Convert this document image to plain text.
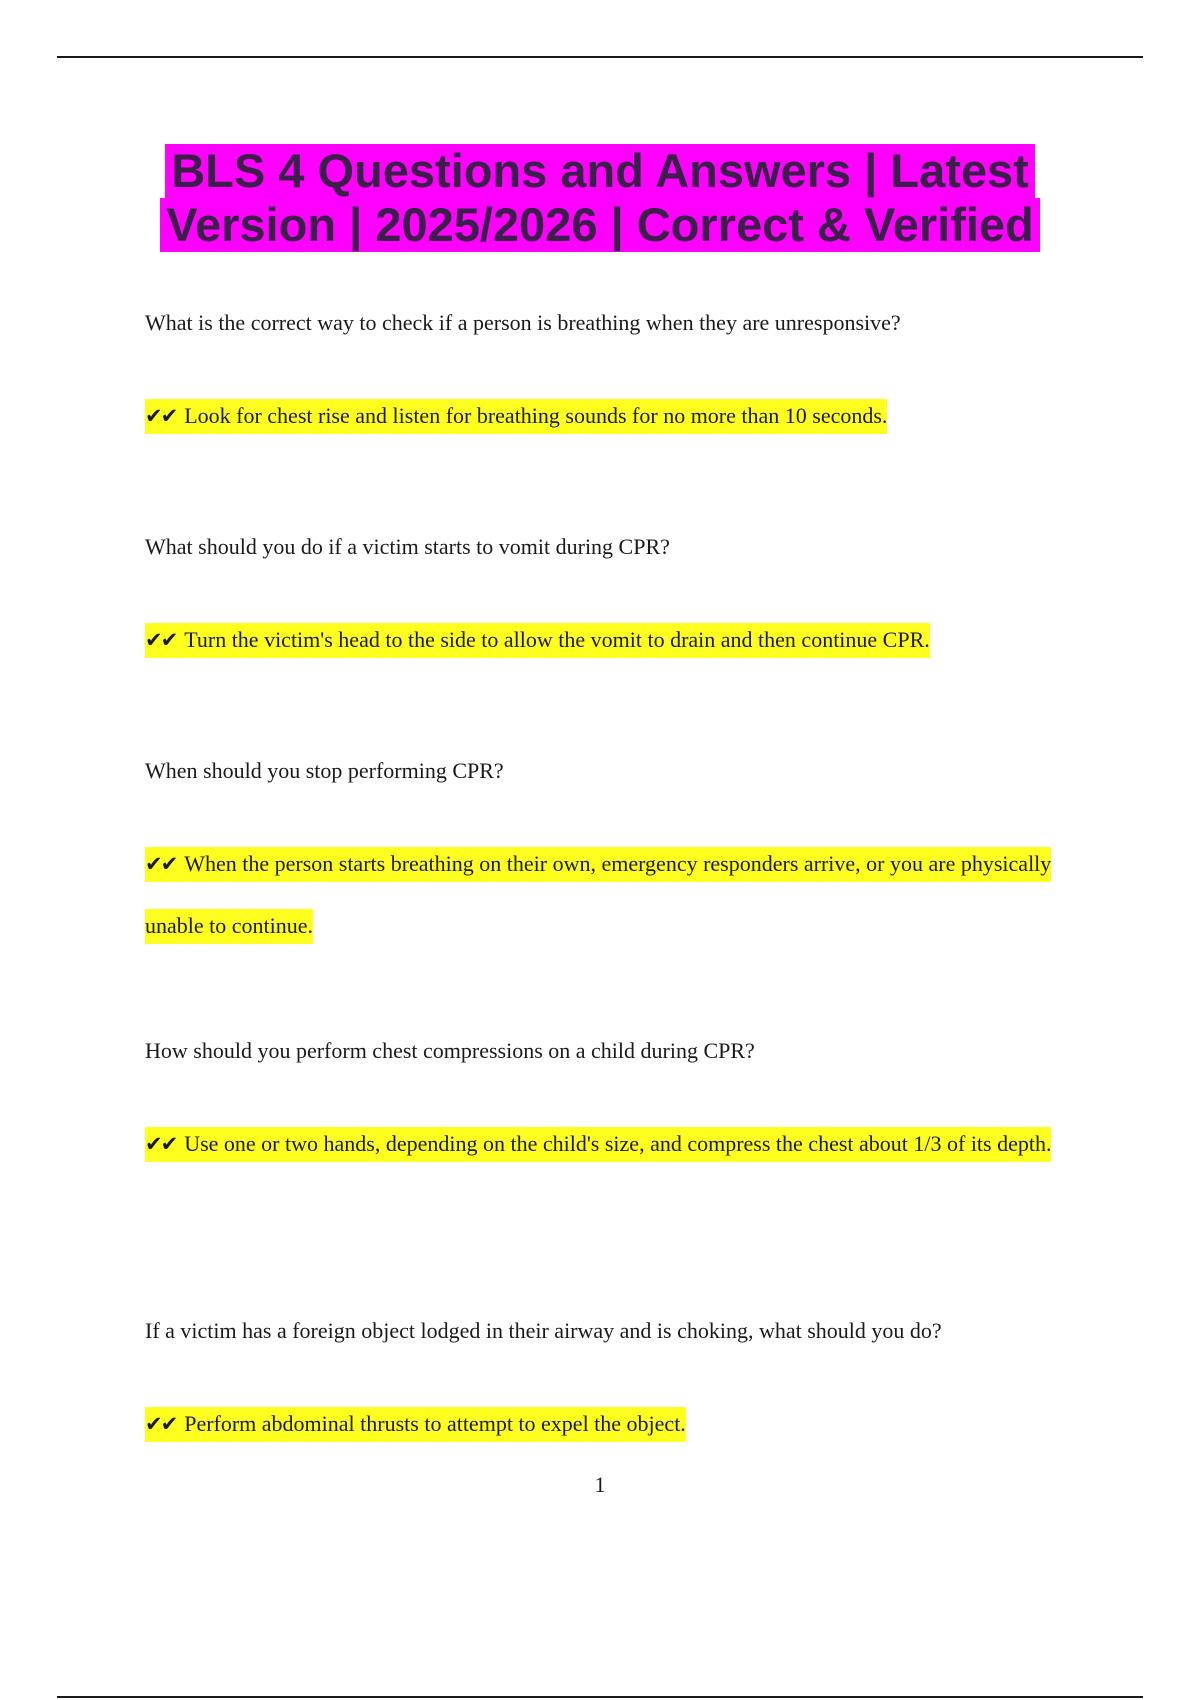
BLS 4 Questions and Answers | Latest
Version | 2025/2026 | Correct & Verified

What is the correct way to check if a person is breathing when they are unresponsive?

✔✔ Look for chest rise and listen for breathing sounds for no more than 10 seconds.

What should you do if a victim starts to vomit during CPR?

✔✔ Turn the victim's head to the side to allow the vomit to drain and then continue CPR.

When should you stop performing CPR?

✔✔ When the person starts breathing on their own, emergency responders arrive, or you are physically unable to continue.

How should you perform chest compressions on a child during CPR?

✔✔ Use one or two hands, depending on the child's size, and compress the chest about 1/3 of its depth.

If a victim has a foreign object lodged in their airway and is choking, what should you do?

✔✔ Perform abdominal thrusts to attempt to expel the object.

1
